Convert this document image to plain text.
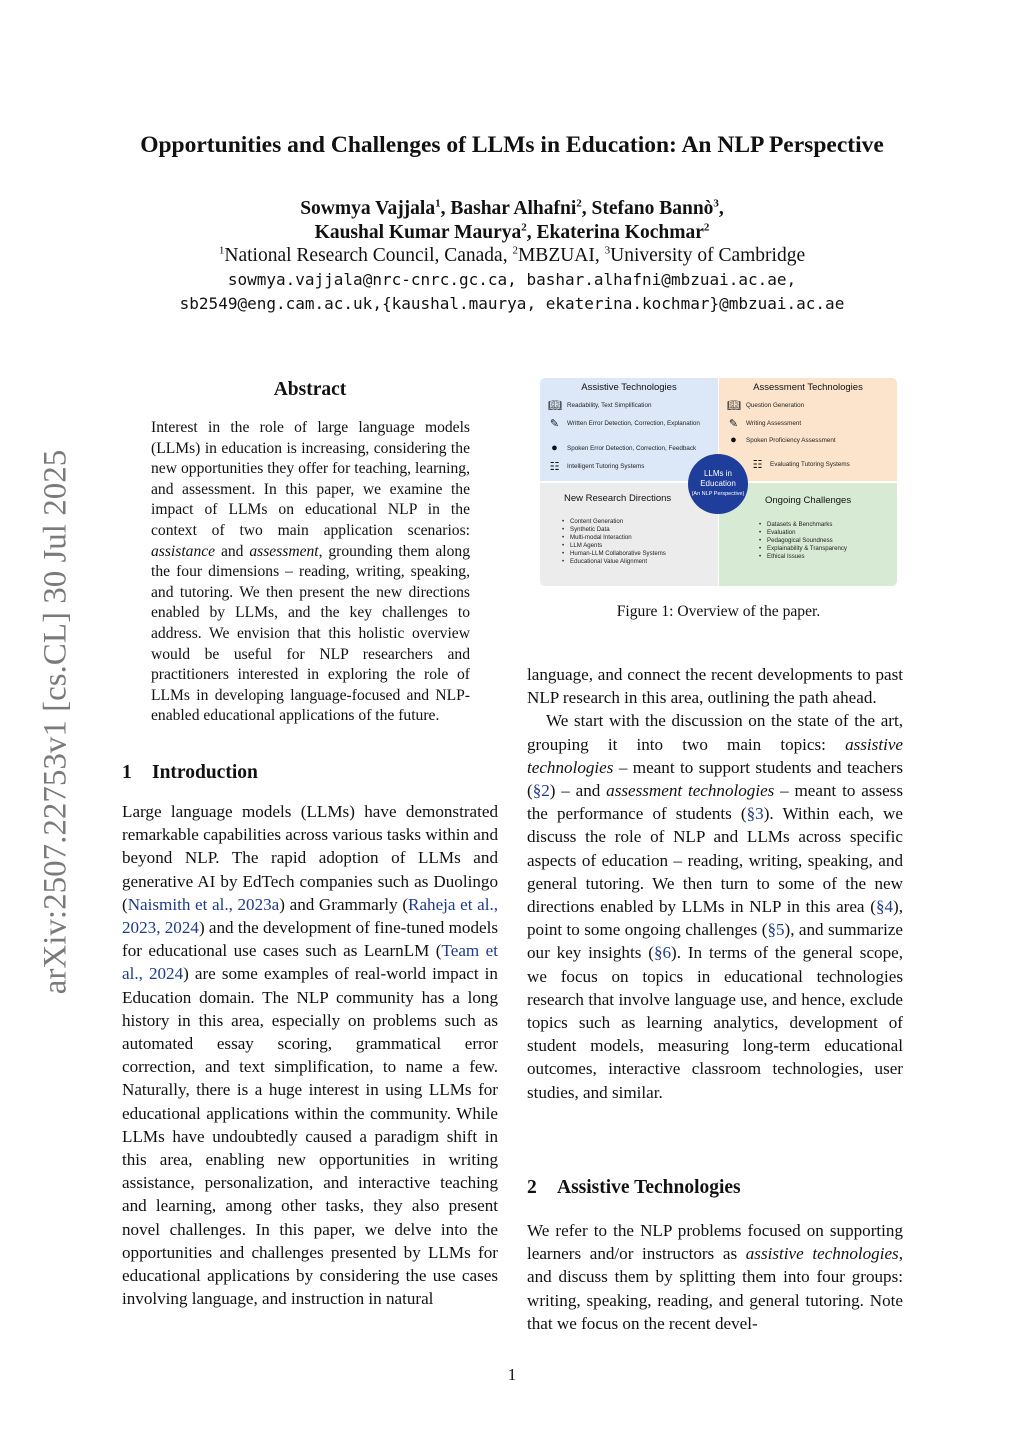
Opportunities and Challenges of LLMs in Education: An NLP Perspective
Sowmya Vajjala$^1$, Bashar Alhafni$^2$, Stefano Bannò$^3$,
Kaushal Kumar Maurya$^2$, Ekaterina Kochmar$^2$
$^1$National Research Council, Canada, $^2$MBZUAI, $^3$University of Cambridge
sowmya.vajjala@nrc-cnrc.gc.ca, bashar.alhafni@mbzuai.ac.ae,
sb2549@eng.cam.ac.uk,{kaushal.maurya, ekaterina.kochmar}@mbzuai.ac.ae
arXiv:2507.22753v1 [cs.CL] 30 Jul 2025
Abstract
Interest in the role of large language models (LLMs) in education is increasing, considering the new opportunities they offer for teaching, learning, and assessment. In this paper, we examine the impact of LLMs on educational NLP in the context of two main application scenarios: assistance and assessment, grounding them along the four dimensions – reading, writing, speaking, and tutoring. We then present the new directions enabled by LLMs, and the key challenges to address. We envision that this holistic overview would be useful for NLP researchers and practitioners interested in exploring the role of LLMs in developing language-focused and NLP-enabled educational applications of the future.
1 Introduction

Large language models (LLMs) have demonstrated remarkable capabilities across various tasks within and beyond NLP. The rapid adoption of LLMs and generative AI by EdTech companies such as Duolingo (Naismith et al., 2023a) and Grammarly (Raheja et al., 2023, 2024) and the development of fine-tuned models for educational use cases such as LearnLM (Team et al., 2024) are some examples of real-world impact in Education domain. The NLP community has a long history in this area, especially on problems such as automated essay scoring, grammatical error correction, and text simplification, to name a few. Naturally, there is a huge interest in using LLMs for educational applications within the community. While LLMs have undoubtedly caused a paradigm shift in this area, enabling new opportunities in writing assistance, personalization, and interactive teaching and learning, among other tasks, they also present novel challenges. In this paper, we delve into the opportunities and challenges presented by LLMs for educational applications by considering the use cases involving language, and instruction in natural

Assistive Technologies
📖︎ Readability, Text Simplification
✎	Written Error Detection, Correction, Explanation
●	Spoken Error Detection, Correction, Feedback
☷ Intelligent Tutoring Systems
Assessment Technologies
📖︎ Question Generation
✎	Writing Assessment
●	Spoken Proficiency Assessment
☷ Evaluating Tutoring Systems
New Research Directions
• Content Generation
• Synthetic Data
• Multi-modal Interaction
• LLM Agents
• Human-LLM Collaborative Systems
• Educational Value Alignment
Ongoing Challenges
• Datasets & Benchmarks
• Evaluation
• Pedagogical Soundness
• Explainability & Transparency
• Ethical Issues
LLMs in
Education
(An NLP Perspective)
Figure 1: Overview of the paper.

language, and connect the recent developments to past NLP research in this area, outlining the path ahead.

We start with the discussion on the state of the art, grouping it into two main topics: assistive technologies – meant to support students and teachers (§2) – and assessment technologies – meant to assess the performance of students (§3). Within each, we discuss the role of NLP and LLMs across specific aspects of education – reading, writing, speaking, and general tutoring. We then turn to some of the new directions enabled by LLMs in NLP in this area (§4), point to some ongoing challenges (§5), and summarize our key insights (§6). In terms of the general scope, we focus on topics in educational technologies research that involve language use, and hence, exclude topics such as learning analytics, development of student models, measuring long-term educational outcomes, interactive classroom technologies, user studies, and similar.

2 Assistive Technologies
We refer to the NLP problems focused on supporting learners and/or instructors as assistive technologies, and discuss them by splitting them into four groups: writing, speaking, reading, and general tutoring. Note that we focus on the recent devel-
1
